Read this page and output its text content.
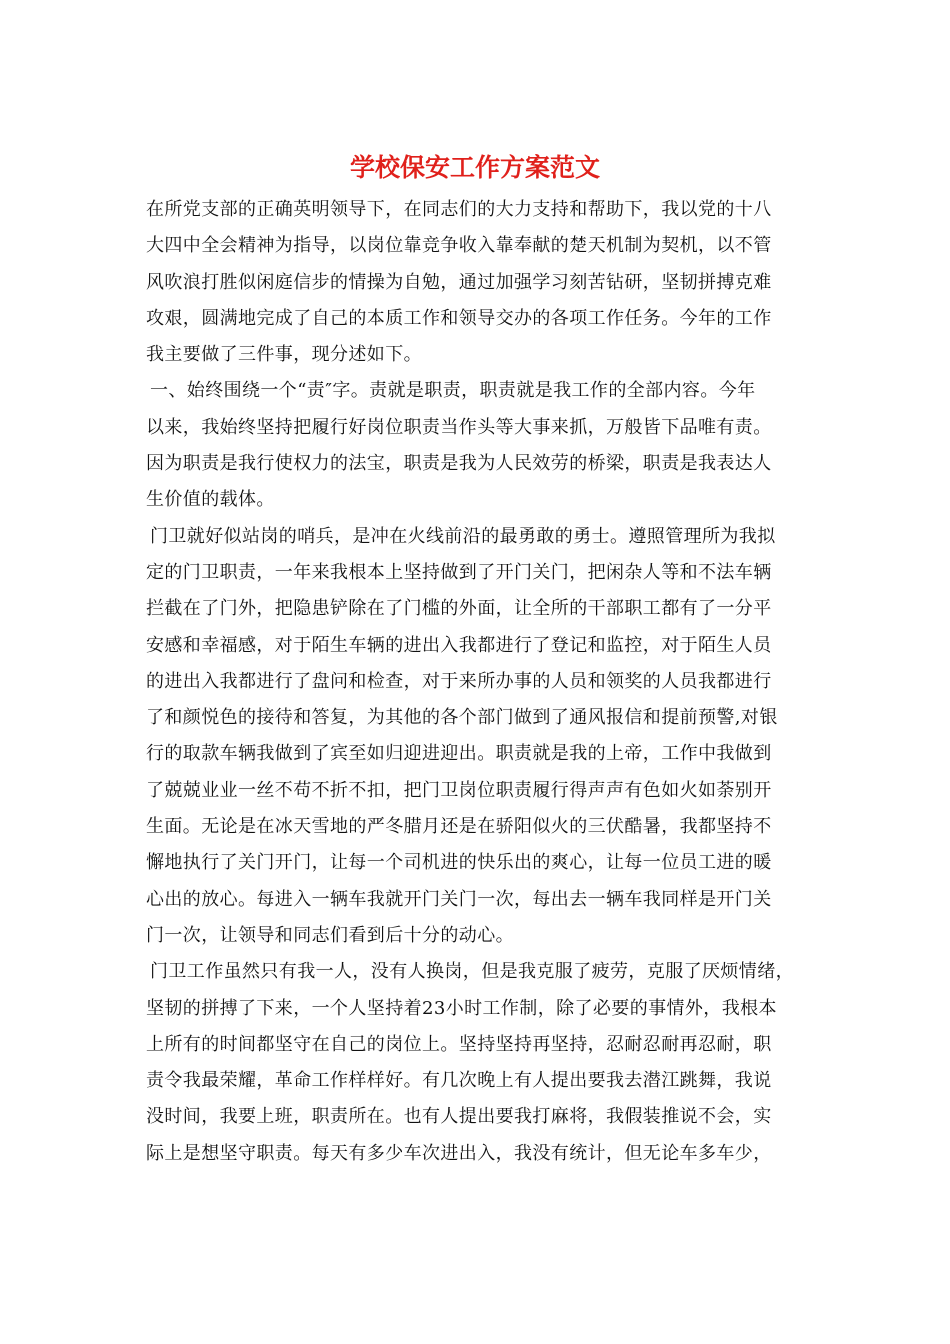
学校保安工作方案范文
在所党支部的正确英明领导下，在同志们的大力支持和帮助下，我以党的十八
大四中全会精神为指导，以岗位靠竞争收入靠奉献的楚天机制为契机，以不管
风吹浪打胜似闲庭信步的情操为自勉，通过加强学习刻苦钻研，坚韧拼搏克难
攻艰，圆满地完成了自己的本质工作和领导交办的各项工作任务。今年的工作
我主要做了三件事，现分述如下。
一、始终围绕一个“责″字。责就是职责，职责就是我工作的全部内容。今年
以来，我始终坚持把履行好岗位职责当作头等大事来抓，万般皆下品唯有责。
因为职责是我行使权力的法宝，职责是我为人民效劳的桥梁，职责是我表达人
生价值的载体。
门卫就好似站岗的哨兵，是冲在火线前沿的最勇敢的勇士。遵照管理所为我拟
定的门卫职责，一年来我根本上坚持做到了开门关门，把闲杂人等和不法车辆
拦截在了门外，把隐患铲除在了门槛的外面，让全所的干部职工都有了一分平
安感和幸福感，对于陌生车辆的进出入我都进行了登记和监控，对于陌生人员
的进出入我都进行了盘问和检查，对于来所办事的人员和领奖的人员我都进行
了和颜悦色的接待和答复，为其他的各个部门做到了通风报信和提前预警,对银
行的取款车辆我做到了宾至如归迎进迎出。职责就是我的上帝，工作中我做到
了兢兢业业一丝不苟不折不扣，把门卫岗位职责履行得声声有色如火如荼别开
生面。无论是在冰天雪地的严冬腊月还是在骄阳似火的三伏酷暑，我都坚持不
懈地执行了关门开门，让每一个司机进的快乐出的爽心，让每一位员工进的暖
心出的放心。每进入一辆车我就开门关门一次，每出去一辆车我同样是开门关
门一次，让领导和同志们看到后十分的动心。
门卫工作虽然只有我一人，没有人换岗，但是我克服了疲劳，克服了厌烦情绪，
坚韧的拼搏了下来，一个人坚持着23小时工作制，除了必要的事情外，我根本
上所有的时间都坚守在自己的岗位上。坚持坚持再坚持，忍耐忍耐再忍耐，职
责令我最荣耀，革命工作样样好。有几次晚上有人提出要我去潜江跳舞，我说
没时间，我要上班，职责所在。也有人提出要我打麻将，我假装推说不会，实
际上是想坚守职责。每天有多少车次进出入，我没有统计，但无论车多车少，
